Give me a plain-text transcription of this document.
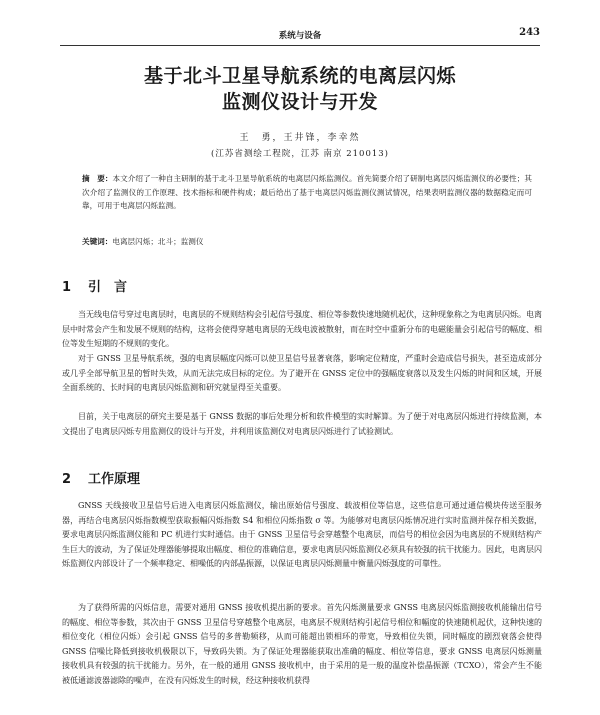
系统与设备	243
基于北斗卫星导航系统的电离层闪烁
监测仪设计与开发
王　勇，王井锋，李幸然
(江苏省测绘工程院，江苏 南京 210013)
摘　要：本文介绍了一种自主研制的基于北斗卫星导航系统的电离层闪烁监测仪。首先简要介绍了研制电离层闪烁监测仪的必要性；其次介绍了监测仪的工作原理、技术指标和硬件构成；最后给出了基于电离层闪烁监测仪测试情况，结果表明监测仪器的数据稳定而可靠，可用于电离层闪烁监测。
关键词：电离层闪烁；北斗；监测仪
1 引　言
当无线电信号穿过电离层时，电离层的不规则结构会引起信号强度、相位等参数快速地随机起伏，这种现象称之为电离层闪烁。电离层中时常会产生和发展不规则的结构，这将会使得穿越电离层的无线电波被散射，而在时空中重新分布的电磁能量会引起信号的幅度、相位等发生短期的不规则的变化。
对于 GNSS 卫星导航系统，强的电离层幅度闪烁可以使卫星信号显著衰落，影响定位精度，严重时会造成信号损失，甚至造成部分或几乎全部导航卫星的暂时失效，从而无法完成目标的定位。为了避开在 GNSS 定位中的强幅度衰落以及发生闪烁的时间和区域，开展全面系统的、长时间的电离层闪烁监测和研究就显得至关重要。
目前，关于电离层的研究主要是基于 GNSS 数据的事后处理分析和软件模型的实时解算。为了便于对电离层闪烁进行持续监测，本文提出了电离层闪烁专用监测仪的设计与开发，并利用该监测仪对电离层闪烁进行了试验测试。
2 工作原理
GNSS 天线接收卫星信号后进入电离层闪烁监测仪，输出原始信号强度、载波相位等信息，这些信息可通过通信模块传送至服务器，再结合电离层闪烁指数模型获取振幅闪烁指数 S4 和相位闪烁指数 σ 等。为能够对电离层闪烁情况进行实时监测并保存相关数据，要求电离层闪烁监测仪能和 PC 机进行实时通信。由于 GNSS 卫星信号会穿越整个电离层，而信号的相位会因为电离层的不规则结构产生巨大的波动，为了保证处理器能够提取出幅度、相位的准确信息，要求电离层闪烁监测仪必须具有较强的抗干扰能力。因此，电离层闪烁监测仪内部设计了一个频率稳定、相噪低的内部晶振源，以保证电离层闪烁测量中衡量闪烁强度的可靠性。
为了获得所需的闪烁信息，需要对通用 GNSS 接收机提出新的要求。首先闪烁测量要求 GNSS 电离层闪烁监测接收机能输出信号的幅度、相位等参数，其次由于 GNSS 卫星信号穿越整个电离层，电离层不规则结构引起信号相位和幅度的快速随机起伏，这种快速的相位变化（相位闪烁）会引起 GNSS 信号的多普勒频移，从而可能超出锁相环的带宽，导致相位失锁，同时幅度的剧烈衰落会使得 GNSS 信噪比降低到接收机极限以下，导致码失锁。为了保证处理器能获取出准确的幅度、相位等信息，要求 GNSS 电离层闪烁测量接收机具有较强的抗干扰能力。另外，在一般的通用 GNSS 接收机中，由于采用的是一般的温度补偿晶振源（TCXO），常会产生不能被低通滤波器滤除的噪声，在没有闪烁发生的时候，经这种接收机获得
